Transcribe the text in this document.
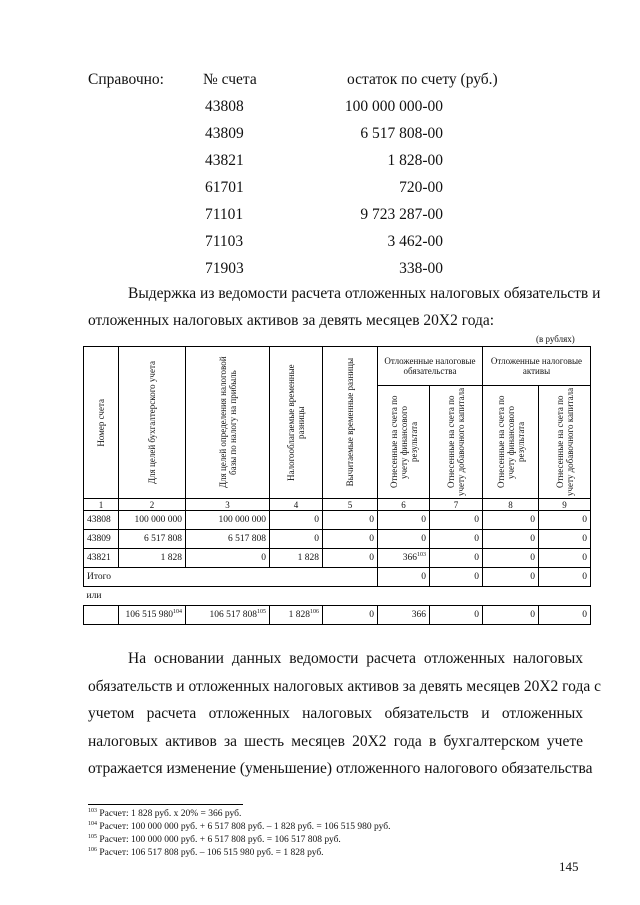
Справочно:	№ счета	остаток по счету (руб.)
43808	100 000 000-00
43809	6 517 808-00
43821	1 828-00
61701	720-00
71101	9 723 287-00
71103	3 462-00
71903	338-00
Выдержка из ведомости расчета отложенных налоговых обязательств и
отложенных налоговых активов за девять месяцев 20Х2 года:
(в рублях)
Номер счета	Для целей бухгалтерского учета	Для целей определения налоговой базы по налогу на прибыль	Налогооблагаемые временные разницы	Вычитаемые временные разницы	Отложенные налоговые обязательства		Отложенные налоговые активы	

					Отнесенные на счета по учету финансового результата	Отнесенные на счета по учету добавочного капитала	Отнесенные на счета по учету финансового результата	Отнесенные на счета по учету добавочного капитала

1	2	3	4	5	6	7	8	9
43808	100 000 000	100 000 000	0	0	0	0	0	0
43809	6 517 808	6 517 808	0	0	0	0	0	0
43821	1 828	0	1 828	0	$366^{103}$	0	0	0
Итого					0	0	0	0
или								
	106 515 $980^{104}$	106 517 $808^{105}$	1 $828^{106}$	0	366	0	0	0
На основании данных ведомости расчета отложенных налоговых
обязательств и отложенных налоговых активов за девять месяцев 20Х2 года с
учетом расчета отложенных налоговых обязательств и отложенных
налоговых активов за шесть месяцев 20Х2 года в бухгалтерском учете
отражается изменение (уменьшение) отложенного налогового обязательства
$^{103}$ Расчет: 1 828 руб. х 20% = 366 руб.
$^{104}$ Расчет: 100 000 000 руб. + 6 517 808 руб. – 1 828 руб. = 106 515 980 руб.
$^{105}$ Расчет: 100 000 000 руб. + 6 517 808 руб. = 106 517 808 руб.
$^{106}$ Расчет: 106 517 808 руб. – 106 515 980 руб. = 1 828 руб.
145
